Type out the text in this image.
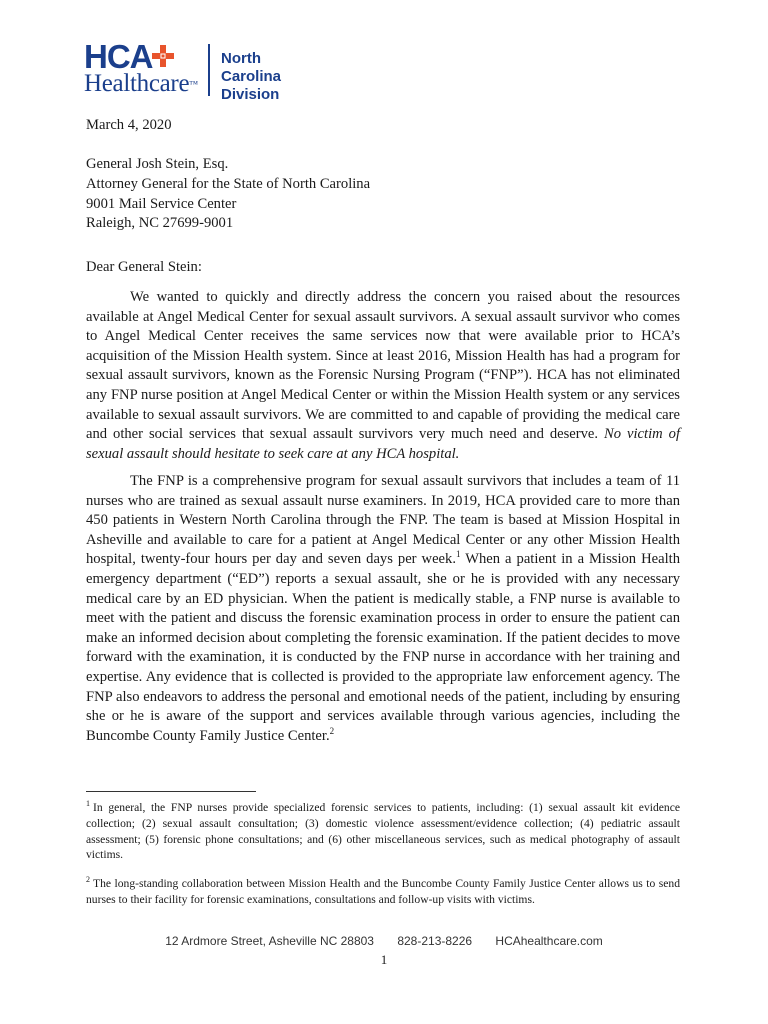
HCA
Healthcare™
North Carolina
Division
March 4, 2020
General Josh Stein, Esq.
Attorney General for the State of North Carolina
9001 Mail Service Center
Raleigh, NC 27699-9001
Dear General Stein:
We wanted to quickly and directly address the concern you raised about the resources available at Angel Medical Center for sexual assault survivors. A sexual assault survivor who comes to Angel Medical Center receives the same services now that were available prior to HCA’s acquisition of the Mission Health system. Since at least 2016, Mission Health has had a program for sexual assault survivors, known as the Forensic Nursing Program (“FNP”). HCA has not eliminated any FNP nurse position at Angel Medical Center or within the Mission Health system or any services available to sexual assault survivors. We are committed to and capable of providing the medical care and other social services that sexual assault survivors very much need and deserve. No victim of sexual assault should hesitate to seek care at any HCA hospital.
The FNP is a comprehensive program for sexual assault survivors that includes a team of 11 nurses who are trained as sexual assault nurse examiners. In 2019, HCA provided care to more than 450 patients in Western North Carolina through the FNP. The team is based at Mission Hospital in Asheville and available to care for a patient at Angel Medical Center or any other Mission Health hospital, twenty-four hours per day and seven days per week.$^1$ When a patient in a Mission Health emergency department (“ED”) reports a sexual assault, she or he is provided with any necessary medical care by an ED physician. When the patient is medically stable, a FNP nurse is available to meet with the patient and discuss the forensic examination process in order to ensure the patient can make an informed decision about completing the forensic examination. If the patient decides to move forward with the examination, it is conducted by the FNP nurse in accordance with her training and expertise. Any evidence that is collected is provided to the appropriate law enforcement agency. The FNP also endeavors to address the personal and emotional needs of the patient, including by ensuring she or he is aware of the support and services available through various agencies, including the Buncombe County Family Justice Center.$^2$
$^1$ In general, the FNP nurses provide specialized forensic services to patients, including: (1) sexual assault kit evidence collection; (2) sexual assault consultation; (3) domestic violence assessment/evidence collection; (4) pediatric assault assessment; (5) forensic phone consultations; and (6) other miscellaneous services, such as medical photography of assault victims.
$^2$ The long-standing collaboration between Mission Health and the Buncombe County Family Justice Center allows us to send nurses to their facility for forensic examinations, consultations and follow-up visits with victims.
12 Ardmore Street, Asheville NC 28803 828-213-8226 HCAhealthcare.com
1
